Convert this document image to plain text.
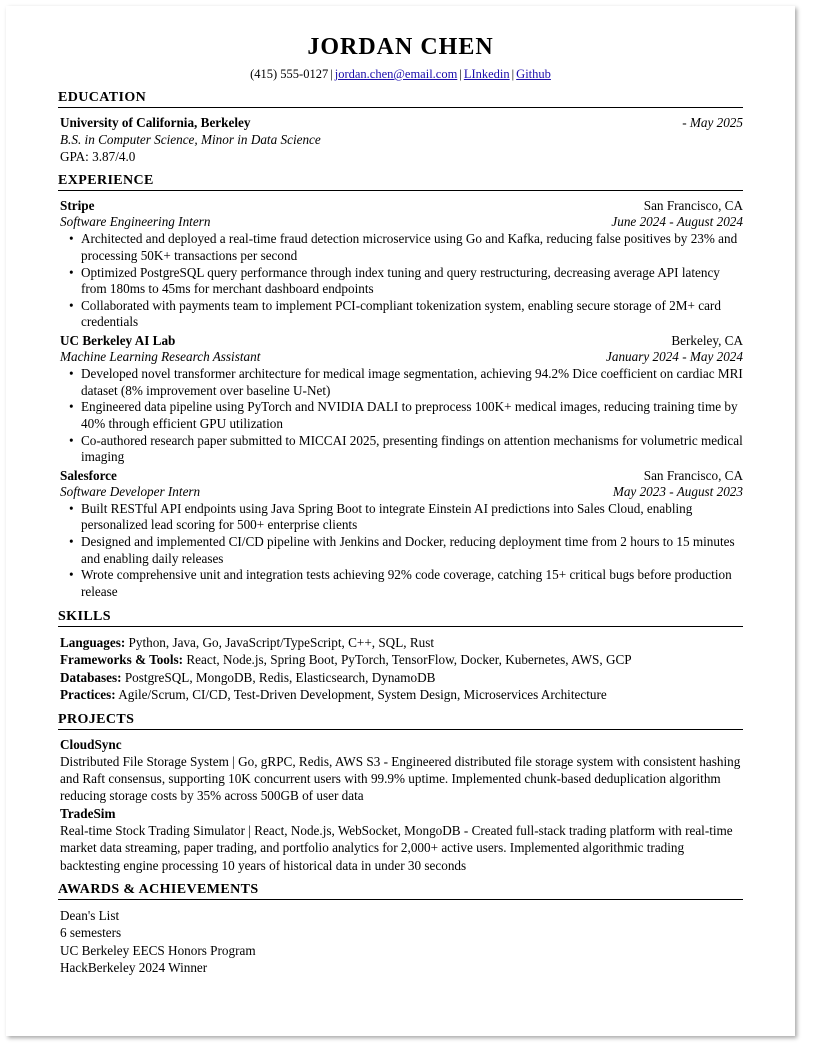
JORDAN CHEN
(415) 555-0127 | jordan.chen@email.com | LInkedin | Github
EDUCATION
University of California, Berkeley	- May 2025
B.S. in Computer Science, Minor in Data Science
GPA: 3.87/4.0
EXPERIENCE
Stripe	San Francisco, CA
Software Engineering Intern	June 2024 - August 2024
• Architected and deployed a real-time fraud detection microservice using Go and Kafka, reducing false positives by 23% and processing 50K+ transactions per second
• Optimized PostgreSQL query performance through index tuning and query restructuring, decreasing average API latency from 180ms to 45ms for merchant dashboard endpoints
• Collaborated with payments team to implement PCI-compliant tokenization system, enabling secure storage of 2M+ card credentials
UC Berkeley AI Lab	Berkeley, CA
Machine Learning Research Assistant	January 2024 - May 2024
• Developed novel transformer architecture for medical image segmentation, achieving 94.2% Dice coefficient on cardiac MRI dataset (8% improvement over baseline U-Net)
• Engineered data pipeline using PyTorch and NVIDIA DALI to preprocess 100K+ medical images, reducing training time by 40% through efficient GPU utilization
• Co-authored research paper submitted to MICCAI 2025, presenting findings on attention mechanisms for volumetric medical imaging
Salesforce	San Francisco, CA
Software Developer Intern	May 2023 - August 2023
• Built RESTful API endpoints using Java Spring Boot to integrate Einstein AI predictions into Sales Cloud, enabling personalized lead scoring for 500+ enterprise clients
• Designed and implemented CI/CD pipeline with Jenkins and Docker, reducing deployment time from 2 hours to 15 minutes and enabling daily releases
• Wrote comprehensive unit and integration tests achieving 92% code coverage, catching 15+ critical bugs before production release
SKILLS
Languages: Python, Java, Go, JavaScript/TypeScript, C++, SQL, Rust
Frameworks & Tools: React, Node.js, Spring Boot, PyTorch, TensorFlow, Docker, Kubernetes, AWS, GCP
Databases: PostgreSQL, MongoDB, Redis, Elasticsearch, DynamoDB
Practices: Agile/Scrum, CI/CD, Test-Driven Development, System Design, Microservices Architecture
PROJECTS
CloudSync
Distributed File Storage System | Go, gRPC, Redis, AWS S3 - Engineered distributed file storage system with consistent hashing and Raft consensus, supporting 10K concurrent users with 99.9% uptime. Implemented chunk-based deduplication algorithm reducing storage costs by 35% across 500GB of user data
TradeSim
Real-time Stock Trading Simulator | React, Node.js, WebSocket, MongoDB - Created full-stack trading platform with real-time market data streaming, paper trading, and portfolio analytics for 2,000+ active users. Implemented algorithmic trading backtesting engine processing 10 years of historical data in under 30 seconds
AWARDS & ACHIEVEMENTS
Dean's List
6 semesters
UC Berkeley EECS Honors Program
HackBerkeley 2024 Winner
